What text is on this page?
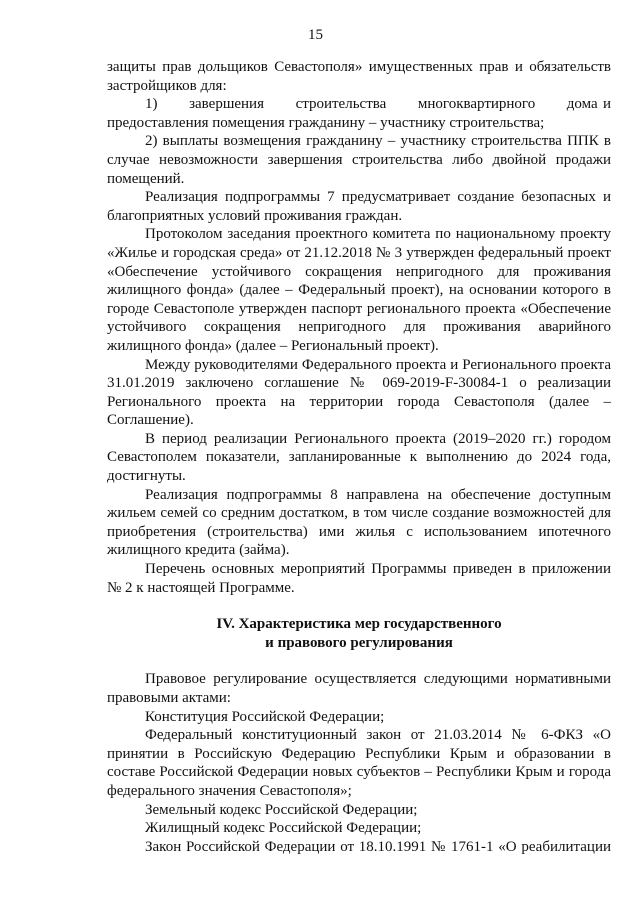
15

защиты прав дольщиков Севастополя» имущественных прав и обязательств застройщиков для:

1)      завершения      строительства      многоквартирного      дома и предоставления помещения гражданину – участнику строительства;

2) выплаты возмещения гражданину – участнику строительства ППК в случае невозможности завершения строительства либо двойной продажи помещений.

Реализация подпрограммы 7 предусматривает создание безопасных и благоприятных условий проживания граждан.

Протоколом заседания проектного комитета по национальному проекту «Жилье и городская среда» от 21.12.2018 № 3 утвержден федеральный проект «Обеспечение устойчивого сокращения непригодного для проживания жилищного фонда» (далее – Федеральный проект), на основании которого в городе Севастополе утвержден паспорт регионального проекта «Обеспечение устойчивого сокращения непригодного для проживания аварийного жилищного фонда» (далее – Региональный проект).

Между руководителями Федерального проекта и Регионального проекта 31.01.2019 заключено соглашение № 069-2019-F-30084-1 о реализации Регионального проекта на территории города Севастополя (далее – Соглашение).

В период реализации Регионального проекта (2019–2020 гг.) городом Севастополем показатели, запланированные к выполнению до 2024 года, достигнуты.

Реализация подпрограммы 8 направлена на обеспечение доступным жильем семей со средним достатком, в том числе создание возможностей для приобретения (строительства) ими жилья с использованием ипотечного жилищного кредита (займа).

Перечень основных мероприятий Программы приведен в приложении № 2 к настоящей Программе.

IV. Характеристика мер государственного
и правового регулирования

Правовое регулирование осуществляется следующими нормативными правовыми актами:

Конституция Российской Федерации;

Федеральный конституционный закон от 21.03.2014 № 6-ФКЗ «О принятии в Российскую Федерацию Республики Крым и образовании в составе Российской Федерации новых субъектов – Республики Крым и города федерального значения Севастополя»;

Земельный кодекс Российской Федерации;

Жилищный кодекс Российской Федерации;

Закон Российской Федерации от 18.10.1991 № 1761-1 «О реабилитации
